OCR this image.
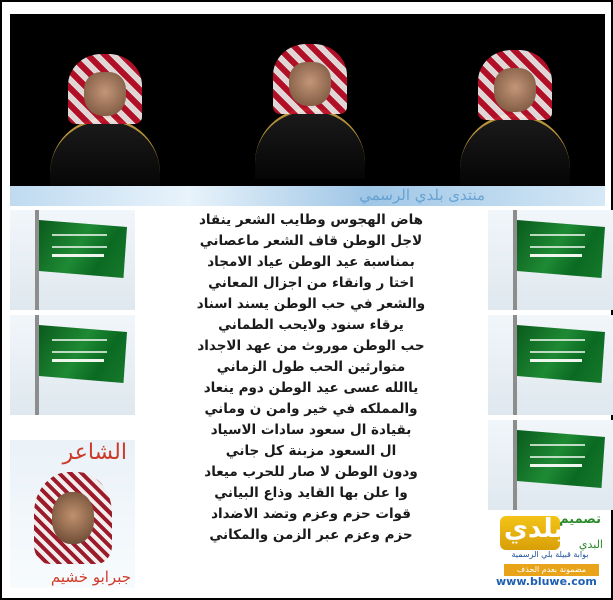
منتدى بلدي الرسمي
هاض الهجوس وطايب الشعر ينقاد
لاجل الوطن قاف الشعر ماعصاني
بمناسبة عيد الوطن عياد الامجاد
اختا ر وانقاء من اجزال المعاني
والشعر في حب الوطن يسند اسناد
يرقاء سنود ولايحب الطماني
حب الوطن موروث من عهد الاجداد
متوارثين الحب طول الزماني
ياالله عسى عيد الوطن دوم ينعاد
والمملكه في خير وامن ن وماني
بقيادة ال سعود سادات الاسياد
ال السعود مزبنة كل جاني
ودون الوطن لا صار للحرب ميعاد
وا علن بها القايد وذاع البياني
قوات حزم وعزم وتضد الاضداد
حزم وعزم عبر الزمن والمكاني
الشاعر
جبرابو خشيم
بلدي
تصميم
البدي
بوابة قبيلة بلي الرسمية
مضمونة بعدم الحذف
www.bluwe.com
